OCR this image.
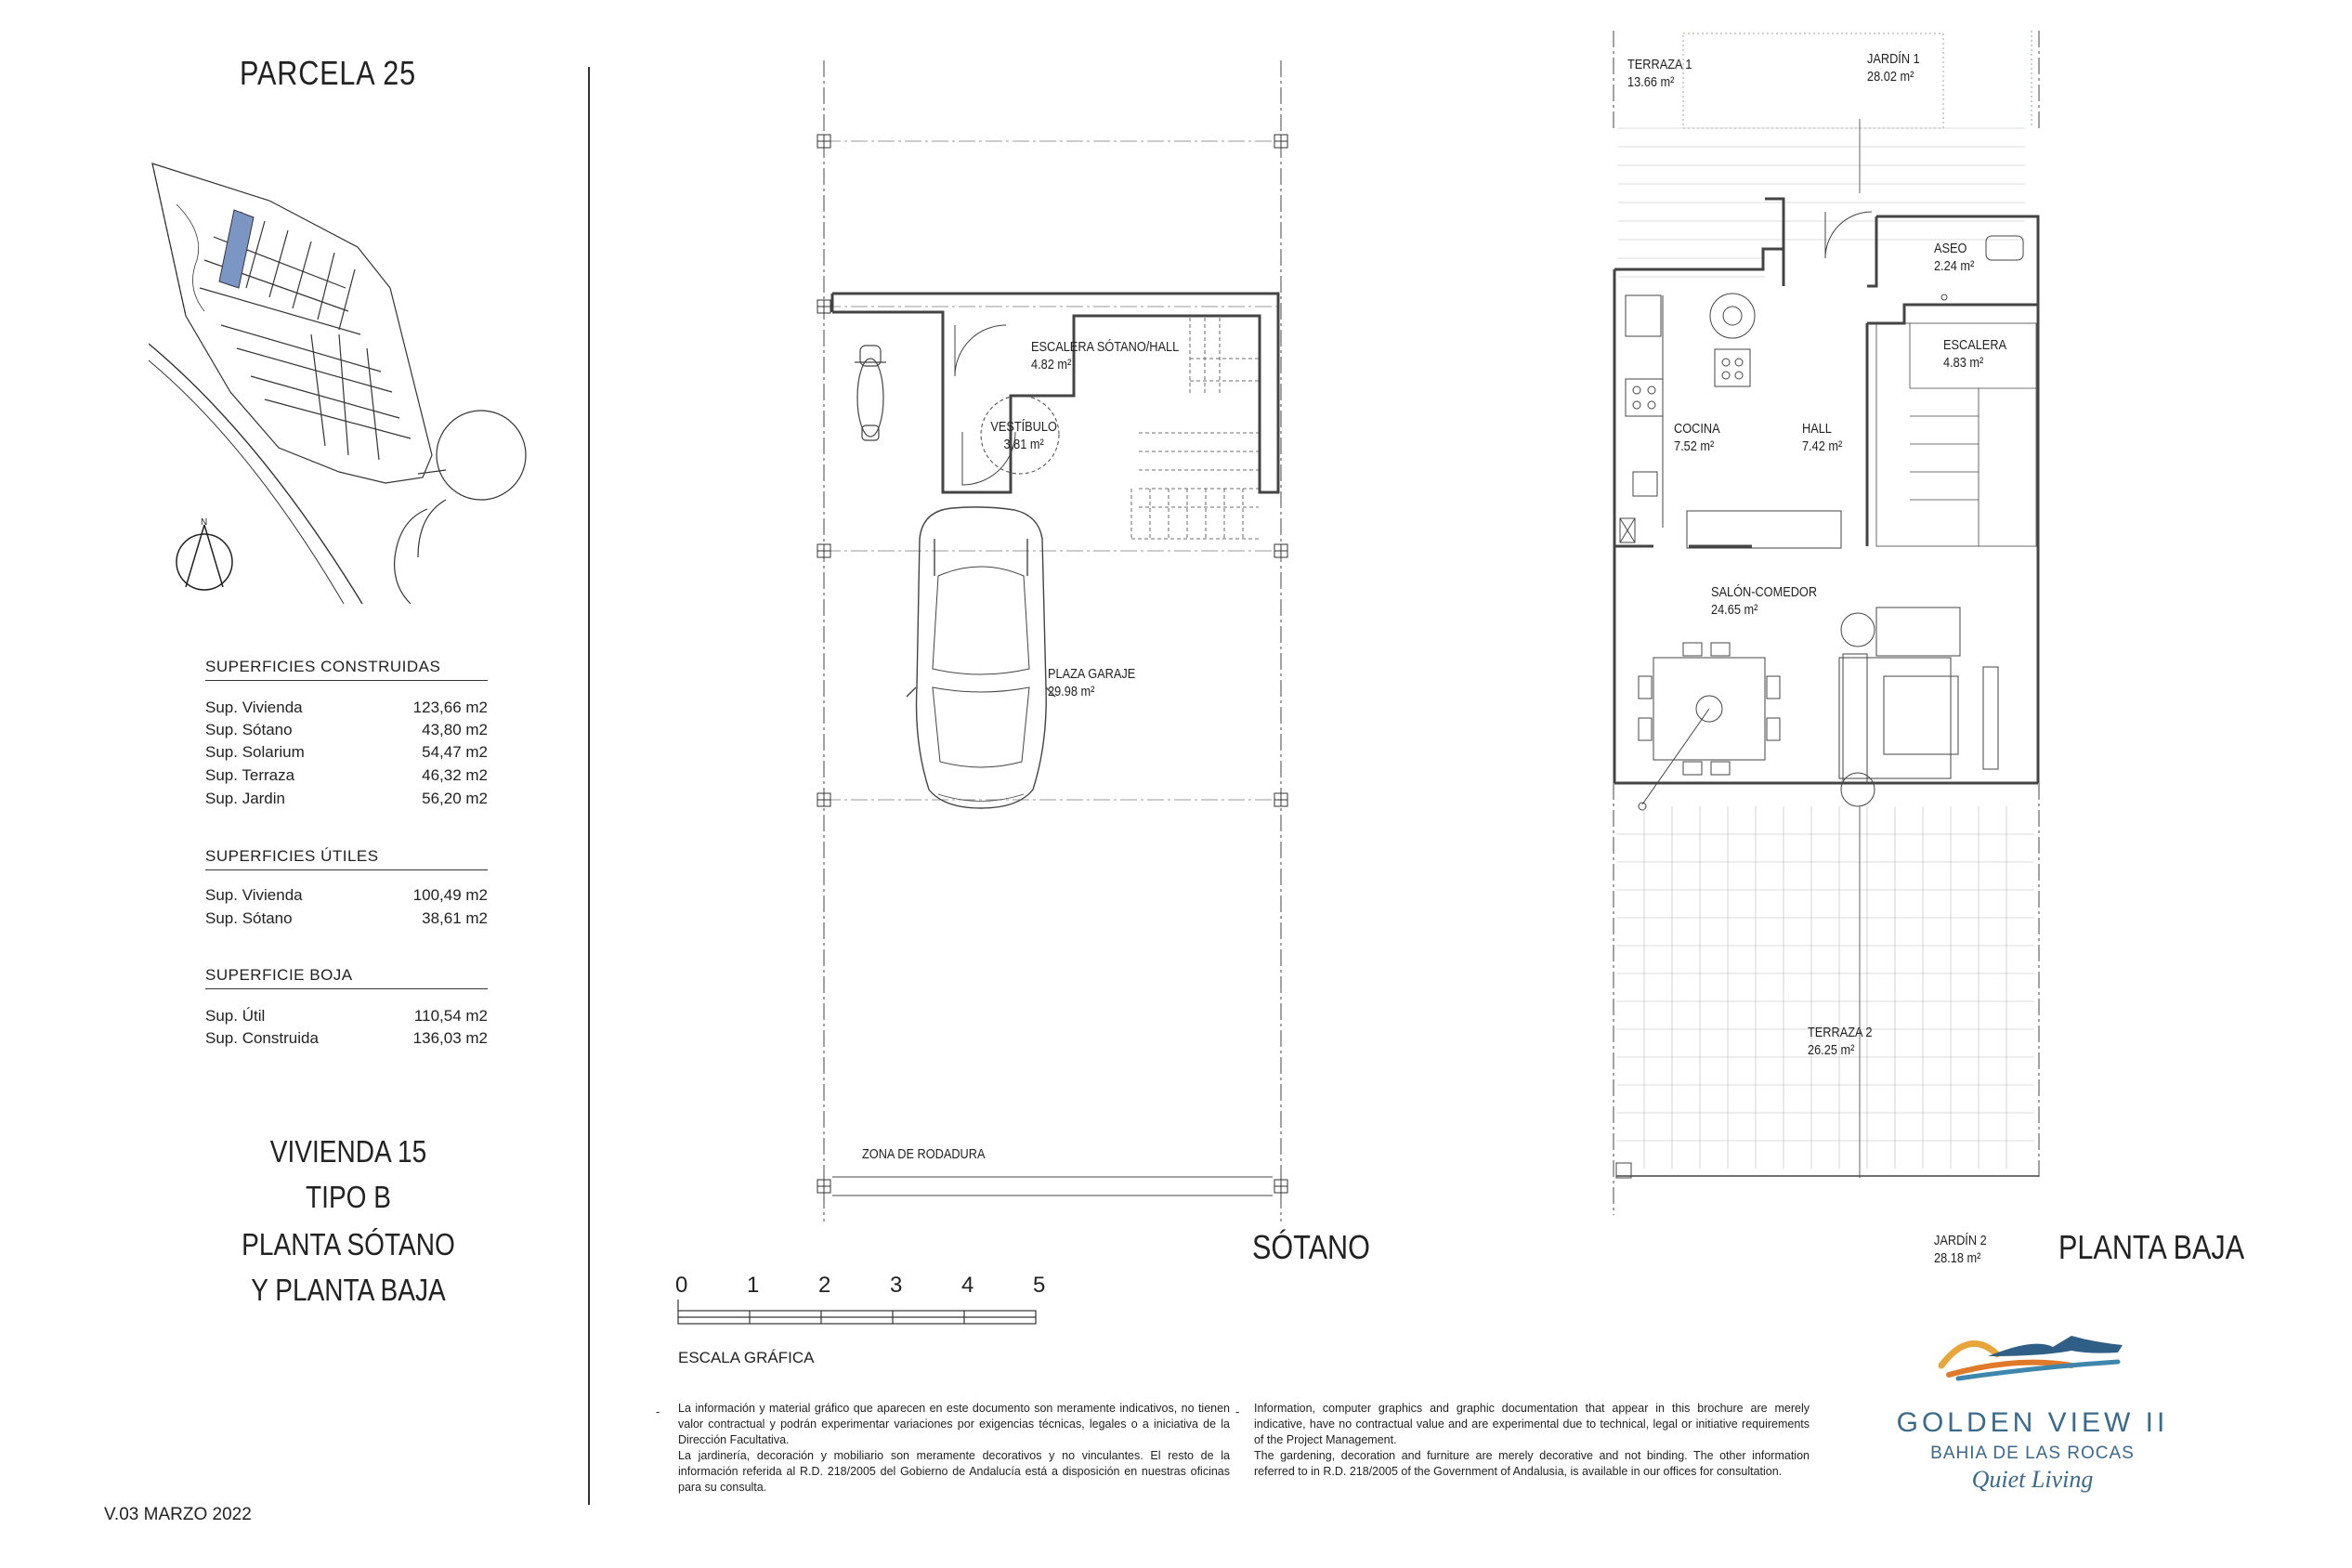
PARCELA 25
N
SUPERFICIES CONSTRUIDAS
Sup. Vivienda	123,66 m2
Sup. Sótano	43,80 m2
Sup. Solarium	54,47 m2
Sup. Terraza	46,32 m2
Sup. Jardin	56,20 m2
SUPERFICIES ÚTILES
Sup. Vivienda	100,49 m2
Sup. Sótano	38,61 m2
SUPERFICIE BOJA
Sup. Útil	110,54 m2
Sup. Construida	136,03 m2
VIVIENDA 15
TIPO B
PLANTA SÓTANO
Y PLANTA BAJA
V.03 MARZO 2022
ESCALERA SÓTANO/HALL
4.82 m²
VESTÍBULO
3.81 m²
PLAZA GARAJE
29.98 m²
ZONA DE RODADURA
SÓTANO
TERRAZA 1
13.66 m²
JARDÍN 1
28.02 m²
ASEO
2.24 m²
ESCALERA
4.83 m²
COCINA
7.52 m²
HALL
7.42 m²
SALÓN-COMEDOR
24.65 m²
TERRAZA 2
26.25 m²
JARDÍN 2
28.18 m² PLANTA BAJA
0	1	2	3	4	5
ESCALA GRÁFICA
- La información y material gráfico que aparecen en este documento son meramente indicativos, no tienen valor contractual y podrán experimentar variaciones por exigencias técnicas, legales o a iniciativa de la Dirección Facultativa.
La jardinería, decoración y mobiliario son meramente decorativos y no vinculantes. El resto de la información referida al R.D. 218/2005 del Gobierno de Andalucía está a disposición en nuestras oficinas para su consulta.
- Information, computer graphics and graphic documentation that appear in this brochure are merely indicative, have no contractual value and are experimental due to technical, legal or initiative requirements of the Project Management.
The gardening, decoration and furniture are merely decorative and not binding. The other information referred to in R.D. 218/2005 of the Government of Andalusia, is available in our offices for consultation.
GOLDEN VIEW II
BAHIA DE LAS ROCAS
Quiet Living
